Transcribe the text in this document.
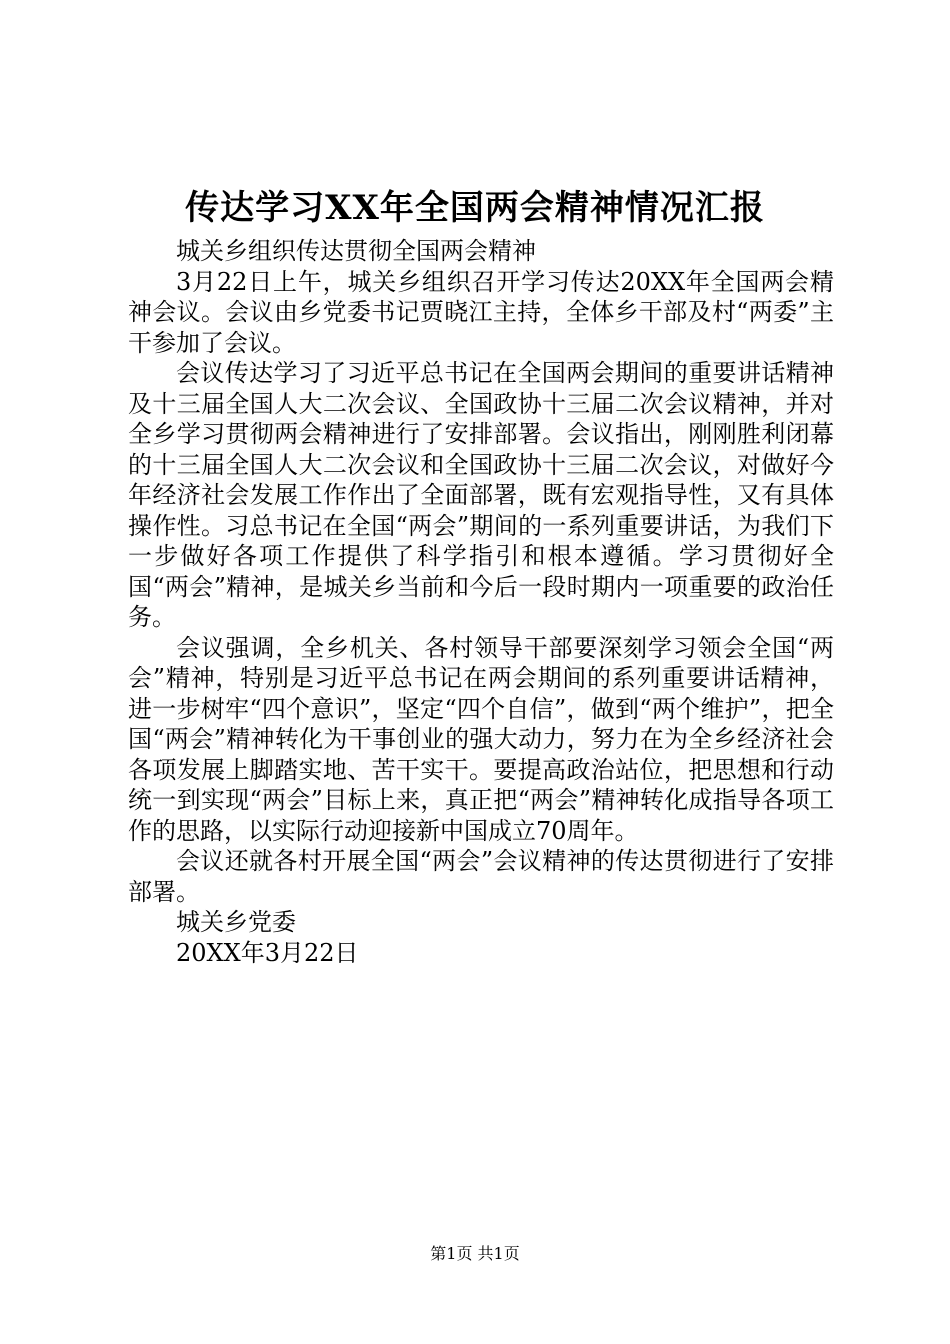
传达学习XX年全国两会精神情况汇报

城关乡组织传达贯彻全国两会精神

3月22日上午，城关乡组织召开学习传达20XX年全国两会精神会议。会议由乡党委书记贾晓江主持，全体乡干部及村“两委”主干参加了会议。

会议传达学习了习近平总书记在全国两会期间的重要讲话精神及十三届全国人大二次会议、全国政协十三届二次会议精神，并对全乡学习贯彻两会精神进行了安排部署。会议指出，刚刚胜利闭幕的十三届全国人大二次会议和全国政协十三届二次会议，对做好今年经济社会发展工作作出了全面部署，既有宏观指导性，又有具体操作性。习总书记在全国“两会”期间的一系列重要讲话，为我们下一步做好各项工作提供了科学指引和根本遵循。学习贯彻好全国“两会”精神，是城关乡当前和今后一段时期内一项重要的政治任务。

会议强调，全乡机关、各村领导干部要深刻学习领会全国“两会”精神，特别是习近平总书记在两会期间的系列重要讲话精神，进一步树牢“四个意识”，坚定“四个自信”，做到“两个维护”，把全国“两会”精神转化为干事创业的强大动力，努力在为全乡经济社会各项发展上脚踏实地、苦干实干。要提高政治站位，把思想和行动统一到实现“两会”目标上来，真正把“两会”精神转化成指导各项工作的思路，以实际行动迎接新中国成立70周年。

会议还就各村开展全国“两会”会议精神的传达贯彻进行了安排部署。

城关乡党委

20XX年3月22日

第1页 共1页
